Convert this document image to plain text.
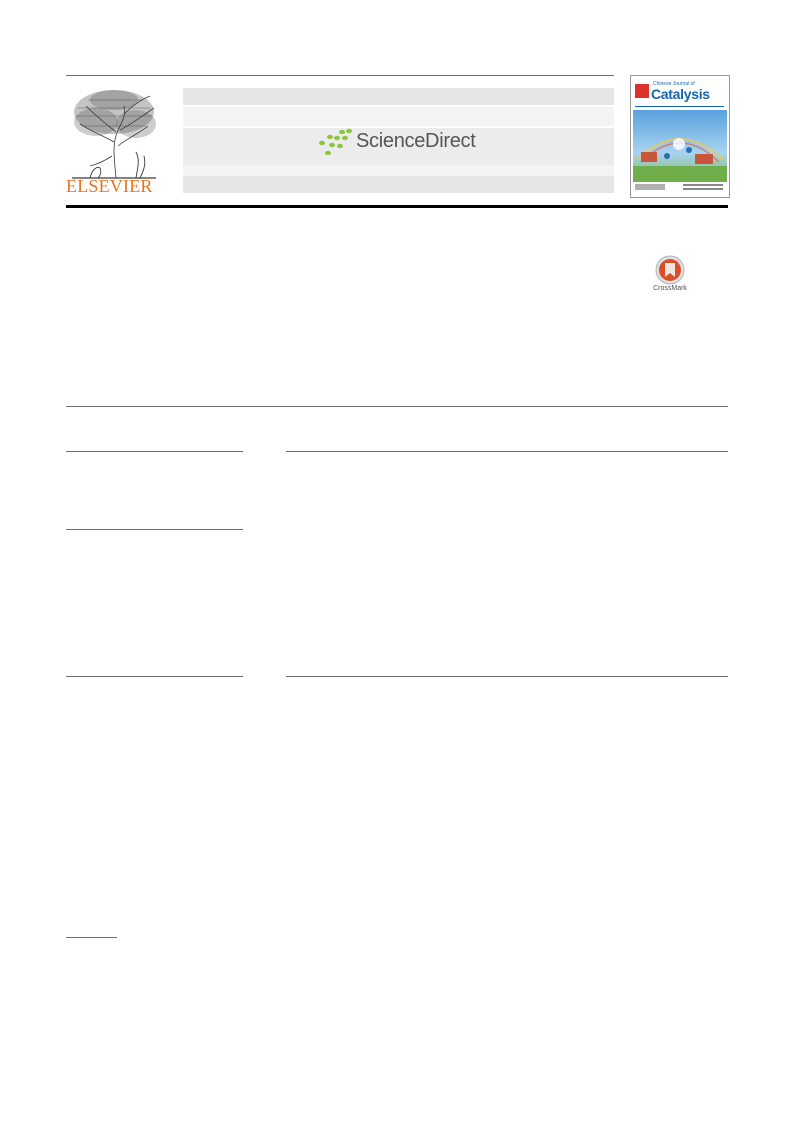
ELSEVIER
ScienceDirect
Chinese Journal of
Catalysis
CrossMark
